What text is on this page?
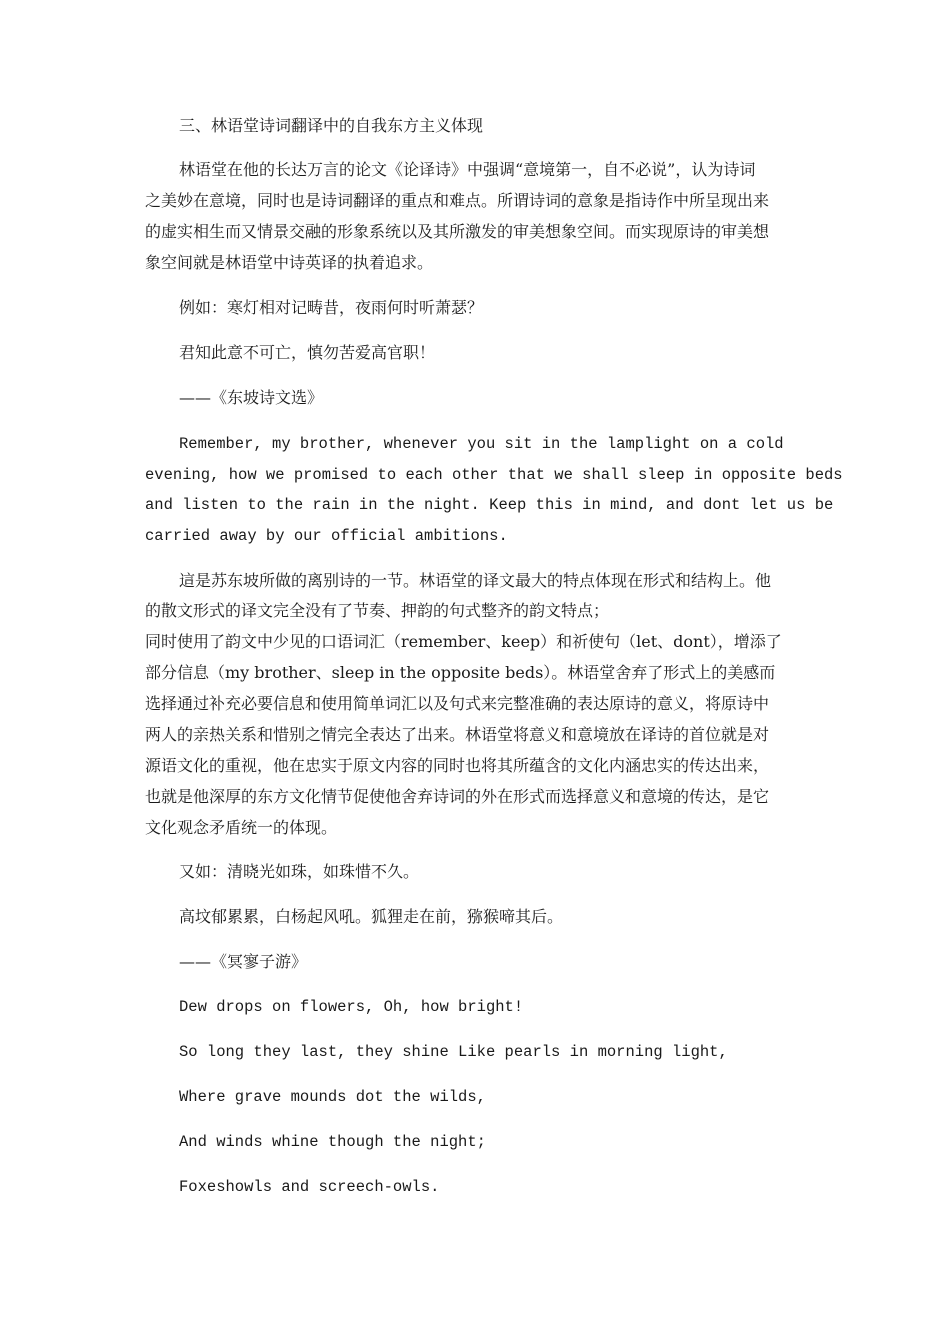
三、林语堂诗词翻译中的自我东方主义体现
林语堂在他的长达万言的论文《论译诗》中强调“意境第一，自不必说”，认为诗词
之美妙在意境，同时也是诗词翻译的重点和难点。所谓诗词的意象是指诗作中所呈现出来
的虚实相生而又情景交融的形象系统以及其所激发的审美想象空间。而实现原诗的审美想
象空间就是林语堂中诗英译的执着追求。
例如：寒灯相对记畴昔，夜雨何时听萧瑟？
君知此意不可亡，慎勿苦爱高官职！
——《东坡诗文选》
Remember, my brother, whenever you sit in the lamplight on a cold
evening, how we promised to each other that we shall sleep in opposite beds
and listen to the rain in the night. Keep this in mind, and dont let us be
carried away by our official ambitions.
這是苏东坡所做的离别诗的一节。林语堂的译文最大的特点体现在形式和结构上。他
的散文形式的译文完全没有了节奏、押韵的句式整齐的韵文特点；
同时使用了韵文中少见的口语词汇（remember、keep）和祈使句（let、dont），增添了
部分信息（my brother、sleep in the opposite beds）。林语堂舍弃了形式上的美感而
选择通过补充必要信息和使用简单词汇以及句式来完整准确的表达原诗的意义，将原诗中
两人的亲热关系和惜别之情完全表达了出来。林语堂将意义和意境放在译诗的首位就是对
源语文化的重视，他在忠实于原文内容的同时也将其所蕴含的文化内涵忠实的传达出来，
也就是他深厚的东方文化情节促使他舍弃诗词的外在形式而选择意义和意境的传达，是它
文化观念矛盾统一的体现。
又如：清晓光如珠，如珠惜不久。
高坟郁累累，白杨起风吼。狐狸走在前，猕猴啼其后。
——《冥寥子游》
Dew drops on flowers, Oh, how bright!
So long they last, they shine Like pearls in morning light,
Where grave mounds dot the wilds,
And winds whine though the night;
Foxeshowls and screech-owls.
